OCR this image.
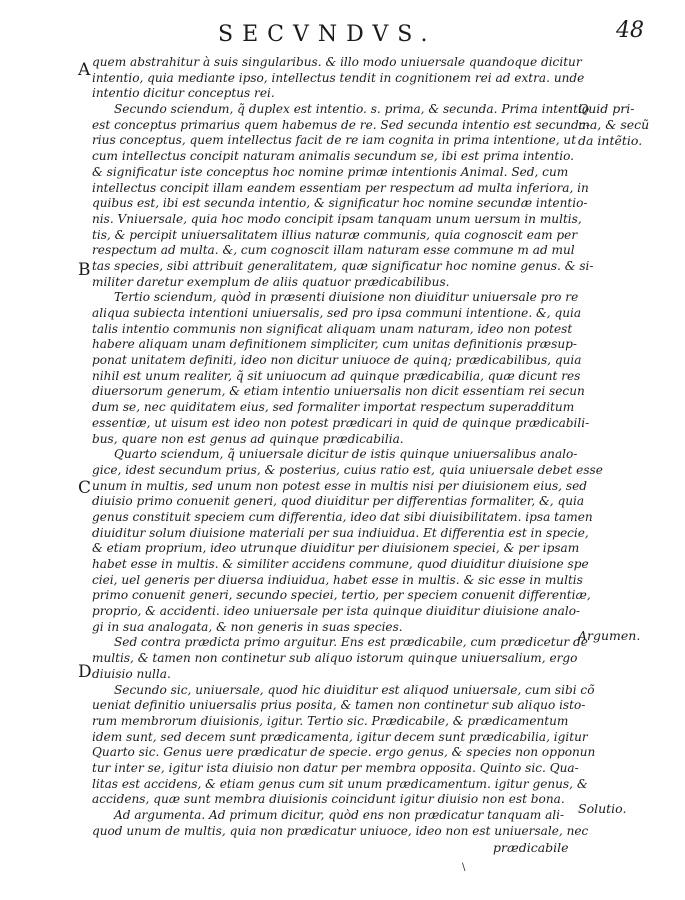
SECVNDVS.	48
A
B
C
D
Quid pri-
ma, & secũ
da intẽtio.
Argumen.
Solutio.
quem abstrahitur à suis singularibus. & illo modo uniuersale quandoque dicitur
intentio, quia mediante ipso, intellectus tendit in cognitionem rei ad extra. unde
intentio dicitur conceptus rei.
Secundo sciendum, q̃ duplex est intentio. s. prima, & secunda. Prima intentio
est conceptus primarius quem habemus de re. Sed secunda intentio est secunda-
rius conceptus, quem intellectus facit de re iam cognita in prima intentione, ut
cum intellectus concipit naturam animalis secundum se, ibi est prima intentio.
& significatur iste conceptus hoc nomine primæ intentionis Animal. Sed, cum
intellectus concipit illam eandem essentiam per respectum ad multa inferiora, in
quibus est, ibi est secunda intentio, & significatur hoc nomine secundæ intentio-
nis. Vniuersale, quia hoc modo concipit ipsam tanquam unum uersum in multis,
tis, & percipit uniuersalitatem illius naturæ communis, quia cognoscit eam per
respectum ad multa. &, cum cognoscit illam naturam esse commune m ad mul
tas species, sibi attribuit generalitatem, quæ significatur hoc nomine genus. & si-
militer daretur exemplum de aliis quatuor prædicabilibus.
Tertio sciendum, quòd in præsenti diuisione non diuiditur uniuersale pro re
aliqua subiecta intentioni uniuersalis, sed pro ipsa communi intentione. &, quia
talis intentio communis non significat aliquam unam naturam, ideo non potest
habere aliquam unam definitionem simpliciter, cum unitas definitionis præsup-
ponat unitatem definiti, ideo non dicitur uniuoce de quinq; prædicabilibus, quia
nihil est unum realiter, q̃ sit uniuocum ad quinque prædicabilia, quæ dicunt res
diuersorum generum, & etiam intentio uniuersalis non dicit essentiam rei secun
dum se, nec quiditatem eius, sed formaliter importat respectum superadditum
essentiæ, ut uisum est ideo non potest prædicari in quid de quinque prædicabili-
bus, quare non est genus ad quinque prædicabilia.
Quarto sciendum, q̃ uniuersale dicitur de istis quinque uniuersalibus analo-
gice, idest secundum prius, & posterius, cuius ratio est, quia uniuersale debet esse
unum in multis, sed unum non potest esse in multis nisi per diuisionem eius, sed
diuisio primo conuenit generi, quod diuiditur per differentias formaliter, &, quia
genus constituit speciem cum differentia, ideo dat sibi diuisibilitatem. ipsa tamen
diuiditur solum diuisione materiali per sua indiuidua. Et differentia est in specie,
& etiam proprium, ideo utrunque diuiditur per diuisionem speciei, & per ipsam
habet esse in multis. & similiter accidens commune, quod diuiditur diuisione spe
ciei, uel generis per diuersa indiuidua, habet esse in multis. & sic esse in multis
primo conuenit generi, secundo speciei, tertio, per speciem conuenit differentiæ,
proprio, & accidenti. ideo uniuersale per ista quinque diuiditur diuisione analo-
gi in sua analogata, & non generis in suas species.
Sed contra prædicta primo arguitur. Ens est prædicabile, cum prædicetur de
multis, & tamen non continetur sub aliquo istorum quinque uniuersalium, ergo
diuisio nulla.
Secundo sic, uniuersale, quod hic diuiditur est aliquod uniuersale, cum sibi cõ
ueniat definitio uniuersalis prius posita, & tamen non continetur sub aliquo isto-
rum membrorum diuisionis, igitur. Tertio sic. Prædicabile, & prædicamentum
idem sunt, sed decem sunt prædicamenta, igitur decem sunt prædicabilia, igitur
Quarto sic. Genus uere prædicatur de specie. ergo genus, & species non opponun
tur inter se, igitur ista diuisio non datur per membra opposita. Quinto sic. Qua-
litas est accidens, & etiam genus cum sit unum prædicamentum. igitur genus, &
accidens, quæ sunt membra diuisionis coincidunt igitur diuisio non est bona.
Ad argumenta. Ad primum dicitur, quòd ens non prædicatur tanquam ali-
quod unum de multis, quia non prædicatur uniuoce, ideo non est uniuersale, nec
prædicabile
\
